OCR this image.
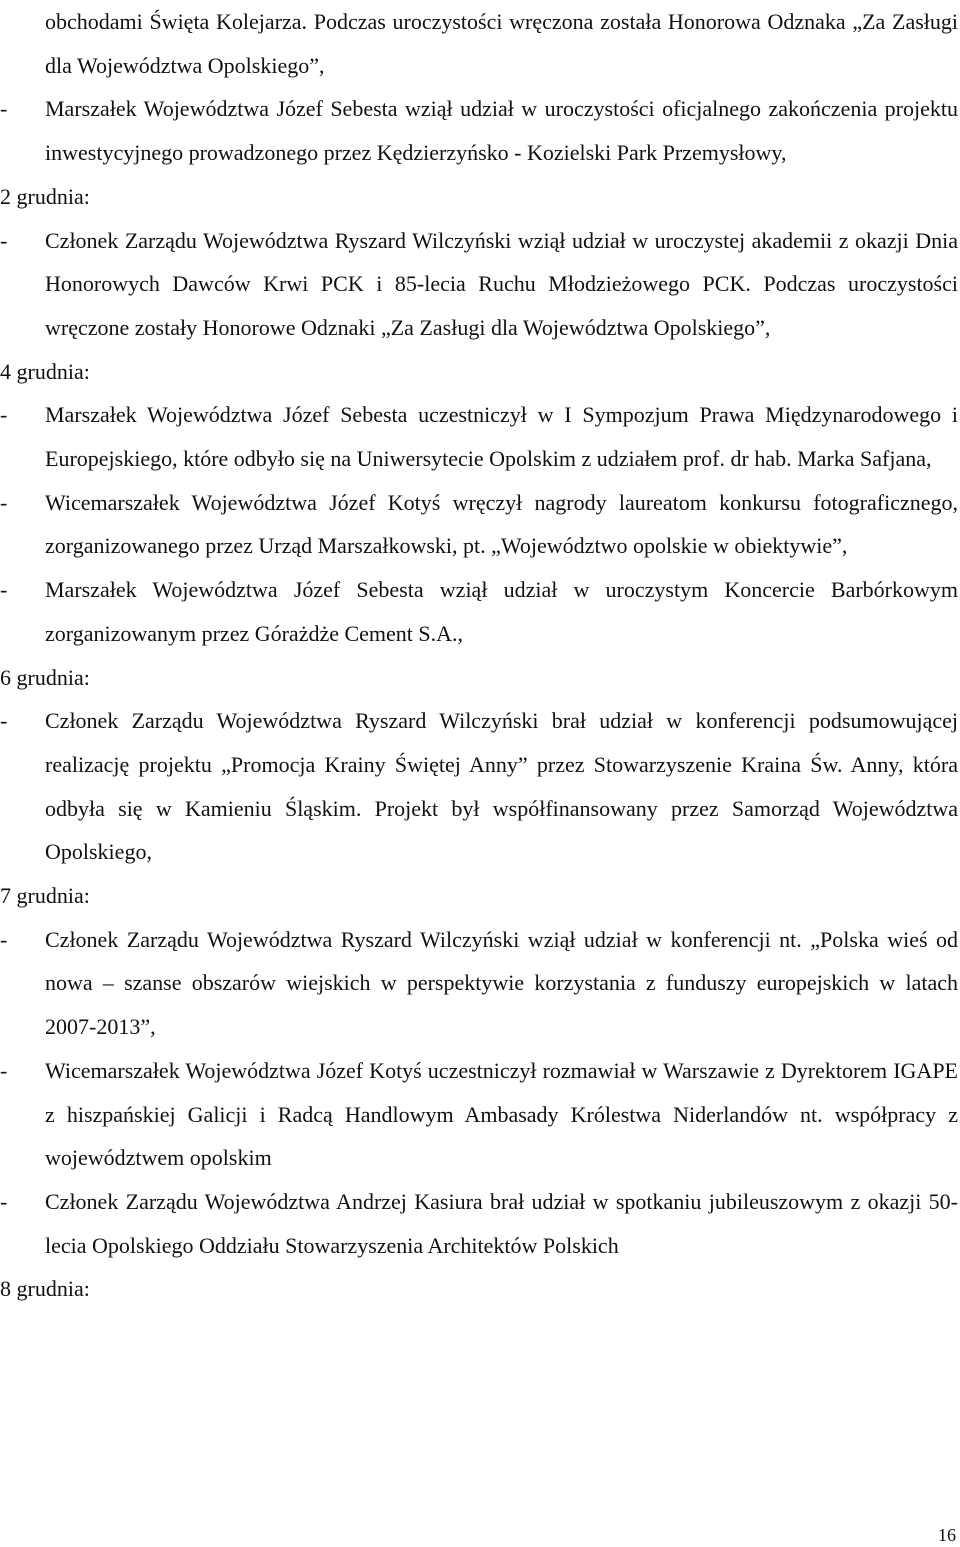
obchodami Święta Kolejarza. Podczas uroczystości wręczona została Honorowa Odznaka „Za Zasługi dla Województwa Opolskiego”,

- Marszałek Województwa Józef Sebesta wziął udział w uroczystości oficjalnego zakończenia projektu inwestycyjnego prowadzonego przez Kędzierzyńsko - Kozielski Park Przemysłowy,

2 grudnia:

- Członek Zarządu Województwa Ryszard Wilczyński wziął udział w uroczystej akademii z okazji Dnia Honorowych Dawców Krwi PCK i 85-lecia Ruchu Młodzieżowego PCK. Podczas uroczystości wręczone zostały Honorowe Odznaki „Za Zasługi dla Województwa Opolskiego”,

4 grudnia:

- Marszałek Województwa Józef Sebesta uczestniczył w I Sympozjum Prawa Międzynarodowego i Europejskiego, które odbyło się na Uniwersytecie Opolskim z udziałem prof. dr hab. Marka Safjana,

- Wicemarszałek Województwa Józef Kotyś wręczył nagrody laureatom konkursu fotograficznego, zorganizowanego przez Urząd Marszałkowski, pt. „Województwo opolskie w obiektywie”,

- Marszałek Województwa Józef Sebesta wziął udział w uroczystym Koncercie Barbórkowym zorganizowanym przez Górażdże Cement S.A.,

6 grudnia:

- Członek Zarządu Województwa Ryszard Wilczyński brał udział w konferencji podsumowującej realizację projektu „Promocja Krainy Świętej Anny” przez Stowarzyszenie Kraina Św. Anny, która odbyła się w Kamieniu Śląskim. Projekt był współfinansowany przez Samorząd Województwa Opolskiego,

7 grudnia:

- Członek Zarządu Województwa Ryszard Wilczyński wziął udział w konferencji nt. „Polska wieś od nowa – szanse obszarów wiejskich w perspektywie korzystania z funduszy europejskich w latach 2007-2013”,

- Wicemarszałek Województwa Józef Kotyś uczestniczył rozmawiał w Warszawie z Dyrektorem IGAPE z hiszpańskiej Galicji i Radcą Handlowym Ambasady Królestwa Niderlandów nt. współpracy z województwem opolskim

- Członek Zarządu Województwa Andrzej Kasiura brał udział w spotkaniu jubileuszowym z okazji 50-lecia Opolskiego Oddziału Stowarzyszenia Architektów Polskich

8 grudnia:

16
